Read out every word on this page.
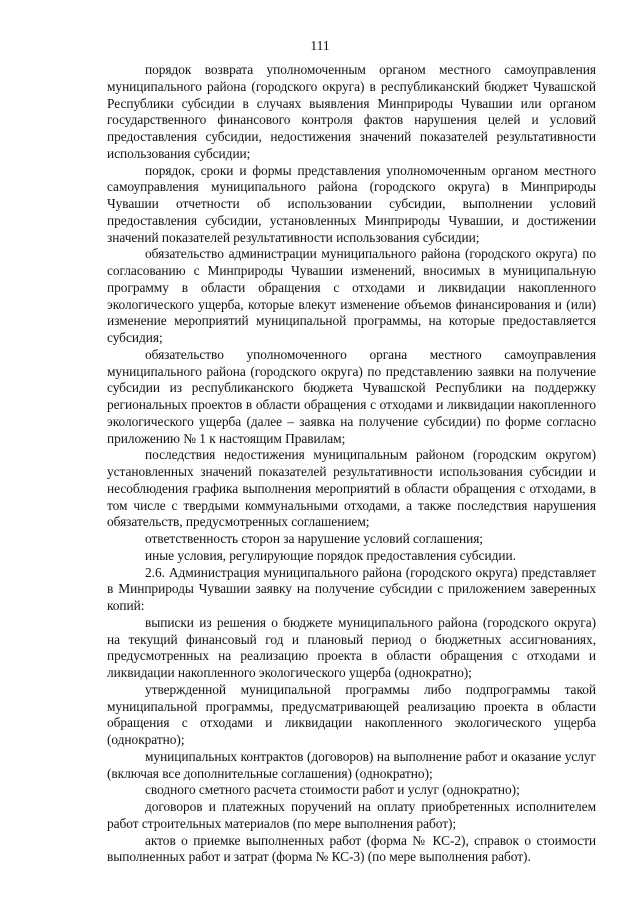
111

порядок возврата уполномоченным органом местного самоуправления муниципального района (городского округа) в республиканский бюджет Чувашской Республики субсидии в случаях выявления Минприроды Чувашии или органом государственного финансового контроля фактов нарушения целей и условий предоставления субсидии, недостижения значений показателей результативности использования субсидии;

порядок, сроки и формы представления уполномоченным органом местного самоуправления муниципального района (городского округа) в Минприроды Чувашии отчетности об использовании субсидии, выполнении условий предоставления субсидии, установленных Минприроды Чувашии, и достижении значений показателей результативности использования субсидии;

обязательство администрации муниципального района (городского округа) по согласованию с Минприроды Чувашии изменений, вносимых в муниципальную программу в области обращения с отходами и ликвидации накопленного экологического ущерба, которые влекут изменение объемов финансирования и (или) изменение мероприятий муниципальной программы, на которые предоставляется субсидия;

обязательство уполномоченного органа местного самоуправления муниципального района (городского округа) по представлению заявки на получение субсидии из республиканского бюджета Чувашской Республики на поддержку региональных проектов в области обращения с отходами и ликвидации накопленного экологического ущерба (далее – заявка на получение субсидии) по форме согласно приложению № 1 к настоящим Правилам;

последствия недостижения муниципальным районом (городским округом) установленных значений показателей результативности использования субсидии и несоблюдения графика выполнения мероприятий в области обращения с отходами, в том числе с твердыми коммунальными отходами, а также последствия нарушения обязательств, предусмотренных соглашением;

ответственность сторон за нарушение условий соглашения;

иные условия, регулирующие порядок предоставления субсидии.

2.6. Администрация муниципального района (городского округа) представляет в Минприроды Чувашии заявку на получение субсидии с приложением заверенных копий:

выписки из решения о бюджете муниципального района (городского округа) на текущий финансовый год и плановый период о бюджетных ассигнованиях, предусмотренных на реализацию проекта в области обращения с отходами и ликвидации накопленного экологического ущерба (однократно);

утвержденной муниципальной программы либо подпрограммы такой муниципальной программы, предусматривающей реализацию проекта в области обращения с отходами и ликвидации накопленного экологического ущерба (однократно);

муниципальных контрактов (договоров) на выполнение работ и оказание услуг (включая все дополнительные соглашения) (однократно);

сводного сметного расчета стоимости работ и услуг (однократно);

договоров и платежных поручений на оплату приобретенных исполнителем работ строительных материалов (по мере выполнения работ);

актов о приемке выполненных работ (форма № КС-2), справок о стоимости выполненных работ и затрат (форма № КС-3) (по мере выполнения работ).
